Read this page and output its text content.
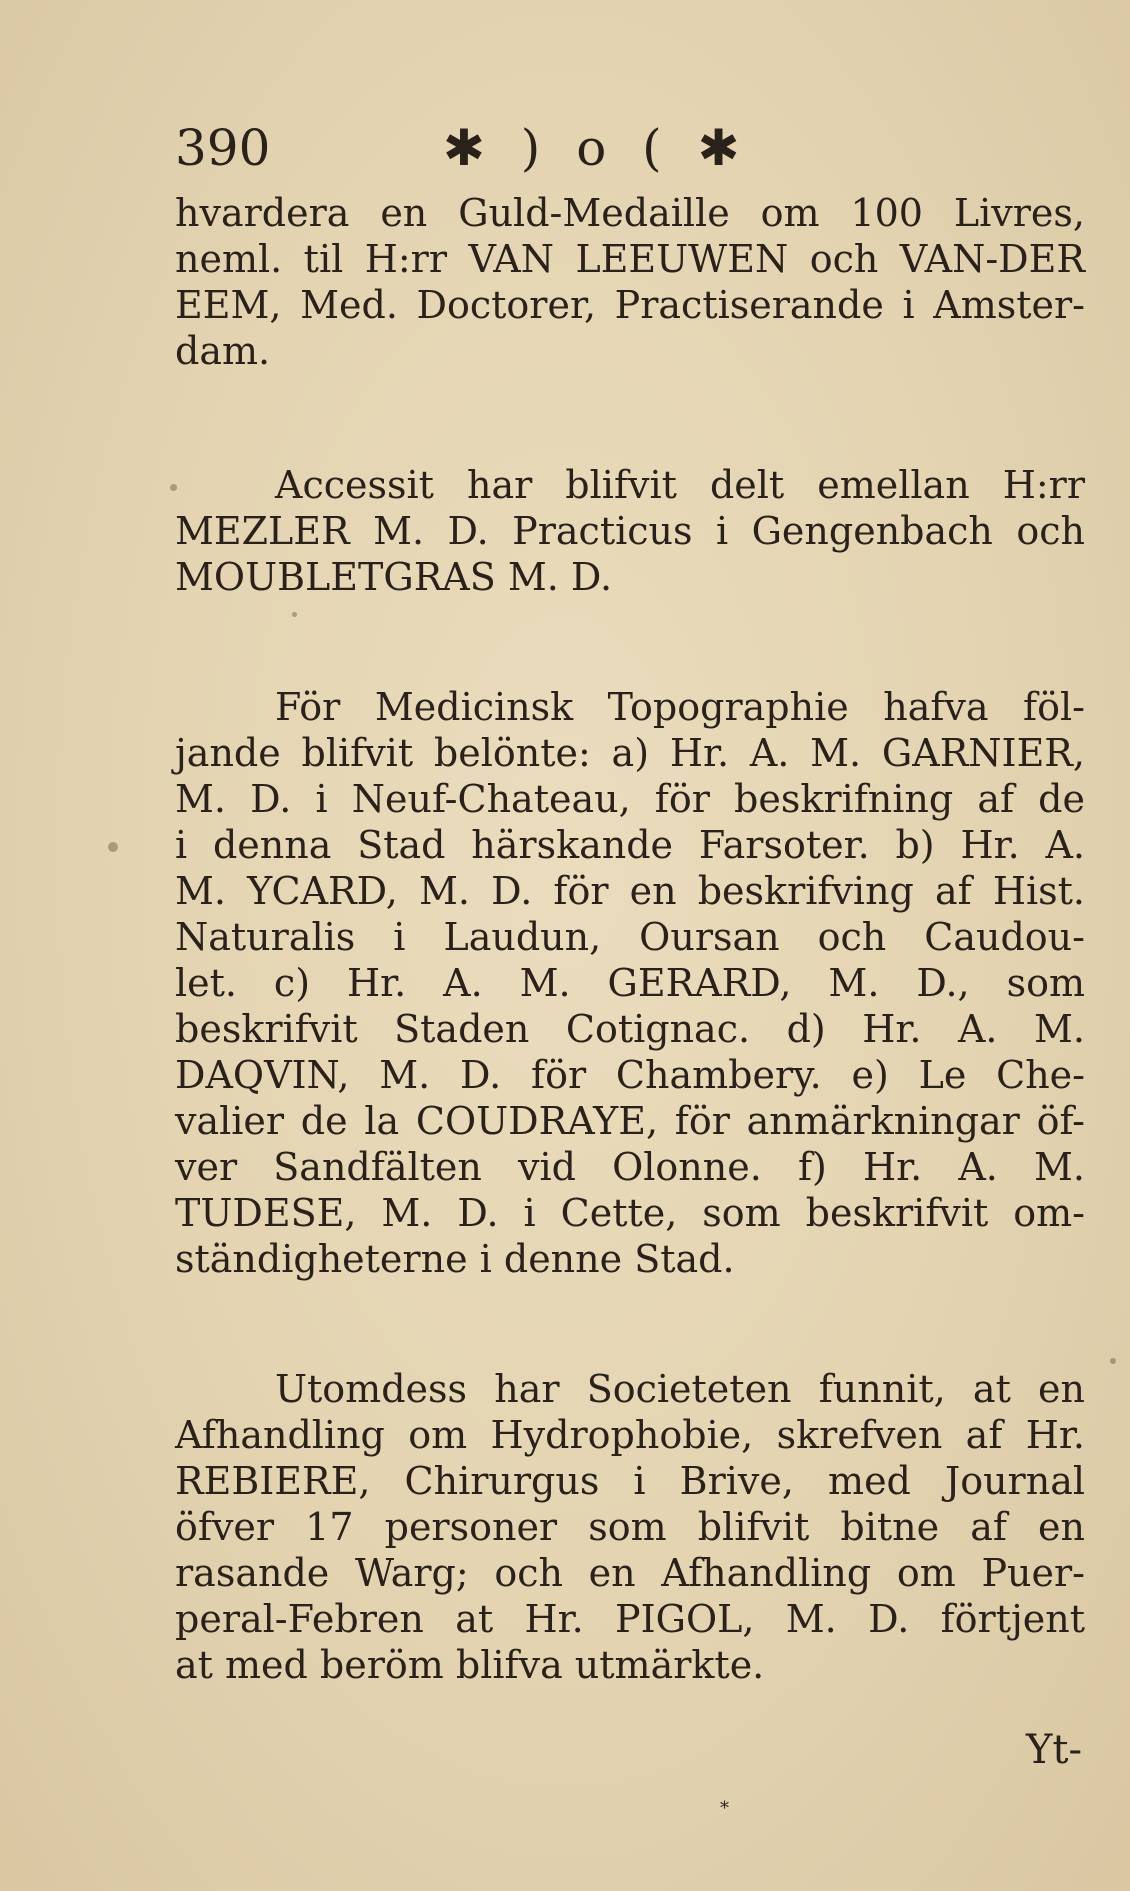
390	✱ ) o ( ✱
hvardera en Guld-Medaille om 100 Livres,
neml. til H:rr VAN LEEUWEN och VAN-DER
EEM, Med. Doctorer, Practiserande i Amster-
dam.
Accessit har blifvit delt emellan H:rr
MEZLER M. D. Practicus i Gengenbach och
MOUBLETGRAS M. D.
För Medicinsk Topographie hafva föl-
jande blifvit belönte: a) Hr. A. M. GARNIER,
M. D. i Neuf-Chateau, för beskrifning af de
i denna Stad härskande Farsoter. b) Hr. A.
M. YCARD, M. D. för en beskrifving af Hist.
Naturalis i Laudun, Oursan och Caudou-
let. c) Hr. A. M. GERARD, M. D., som
beskrifvit Staden Cotignac. d) Hr. A. M.
DAQVIN, M. D. för Chambery. e) Le Che-
valier de la COUDRAYE, för anmärkningar öf-
ver Sandfälten vid Olonne. f) Hr. A. M.
TUDESE, M. D. i Cette, som beskrifvit om-
ständigheterne i denne Stad.
Utomdess har Societeten funnit, at en
Afhandling om Hydrophobie, skrefven af Hr.
REBIERE, Chirurgus i Brive, med Journal
öfver 17 personer som blifvit bitne af en
rasande Warg; och en Afhandling om Puer-
peral-Febren at Hr. PIGOL, M. D. förtjent
at med beröm blifva utmärkte.
Yt-
*
